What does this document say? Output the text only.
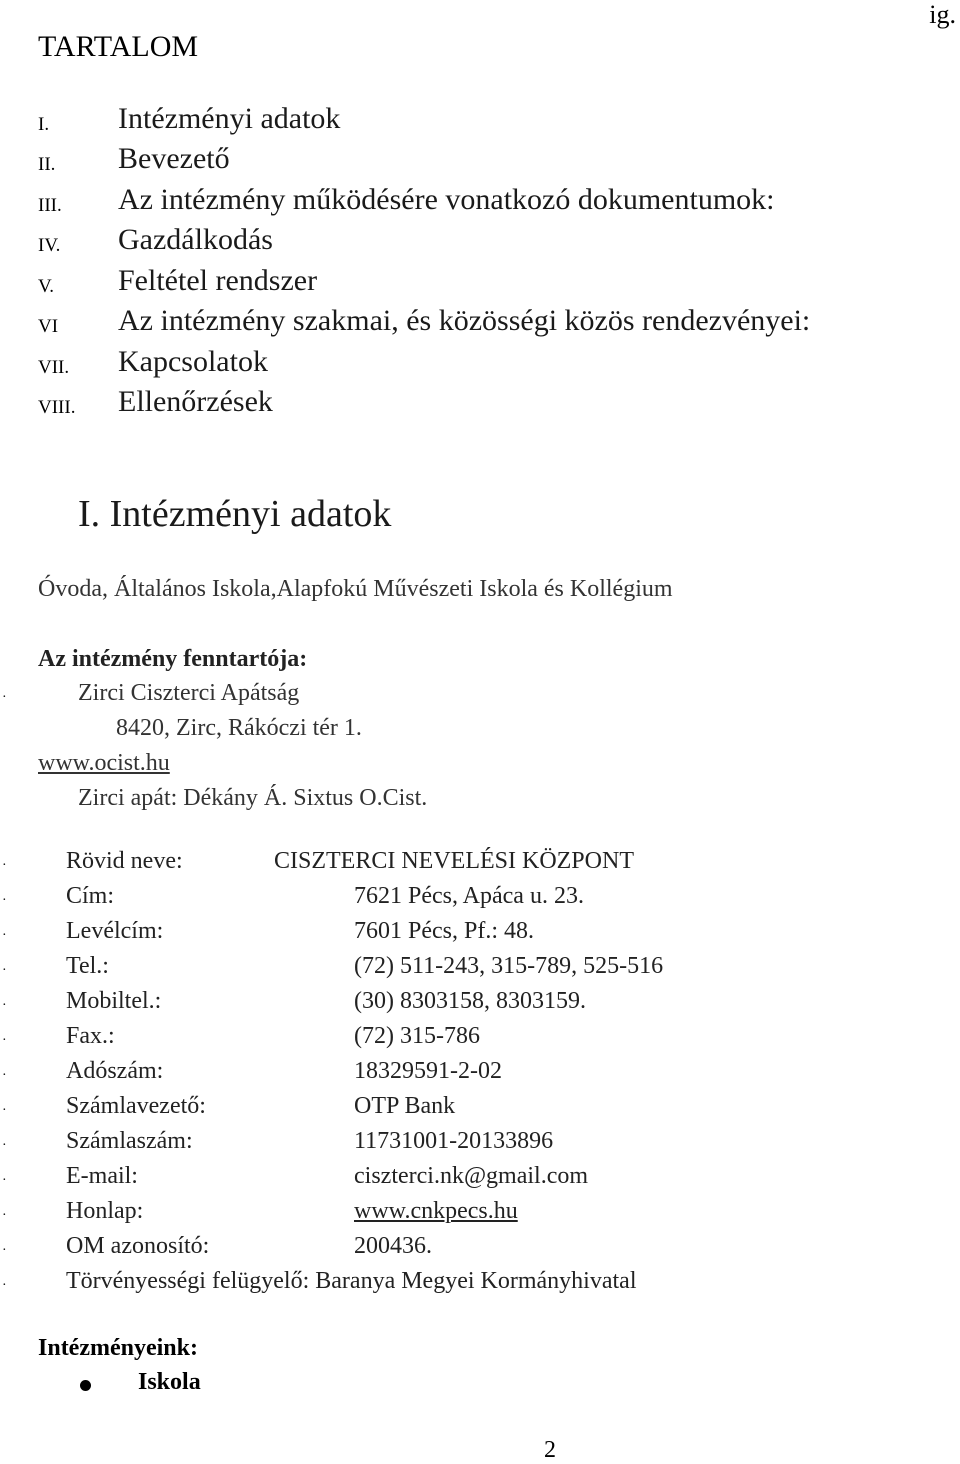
ig.
TARTALOM
I. Intézményi adatok
II. Bevezető
III. Az intézmény működésére vonatkozó dokumentumok:
IV. Gazdálkodás
V. Feltétel rendszer
VI Az intézmény szakmai, és közösségi közös rendezvényei:
VII. Kapcsolatok
VIII. Ellenőrzések
I. Intézményi adatok
Óvoda, Általános Iskola,Alapfokú Művészeti Iskola és Kollégium
Az intézmény fenntartója:
·	Zirci Ciszterci Apátság
8420, Zirc, Rákóczi tér 1.
www.ocist.hu
Zirci apát: Dékány Á. Sixtus O.Cist.
· Rövid neve:	CISZTERCI NEVELÉSI KÖZPONT
· Cím:	7621 Pécs, Apáca u. 23.
· Levélcím:	7601 Pécs, Pf.: 48.
· Tel.:	(72) 511-243, 315-789, 525-516
· Mobiltel.:	(30) 8303158, 8303159.
· Fax.:	(72) 315-786
· Adószám:	18329591-2-02
· Számlavezető:	OTP Bank
· Számlaszám:	11731001-20133896
· E-mail:	ciszterci.nk@gmail.com
· Honlap:	www.cnkpecs.hu
· OM azonosító:	200436.
· Törvényességi felügyelő: Baranya Megyei Kormányhivatal
Intézményeink:
Iskola
2
